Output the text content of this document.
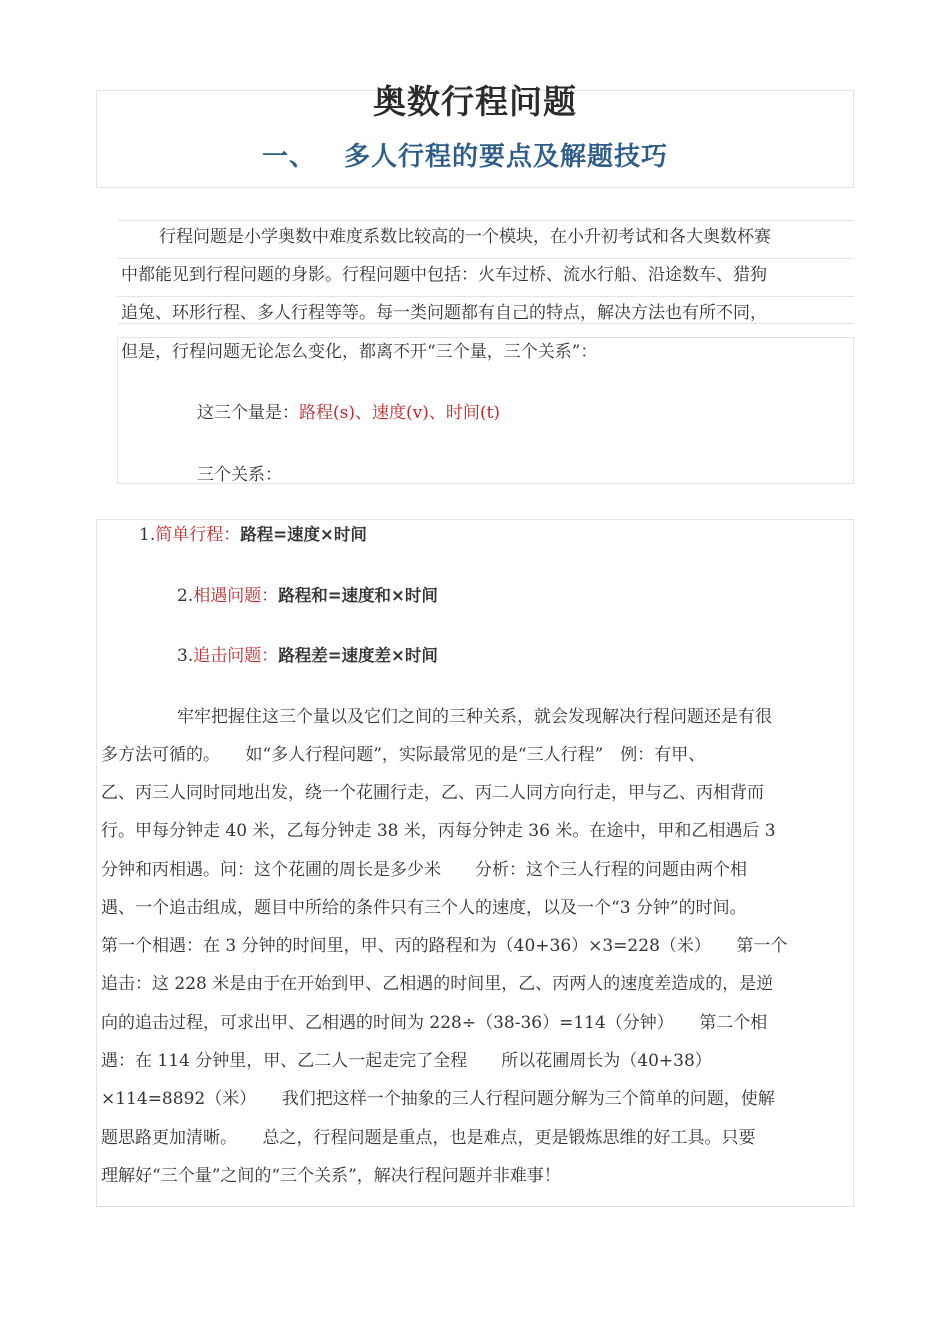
奥数行程问题
一、 多人行程的要点及解题技巧
行程问题是小学奥数中难度系数比较高的一个模块，在小升初考试和各大奥数杯赛
中都能见到行程问题的身影。行程问题中包括：火车过桥、流水行船、沿途数车、猎狗
追兔、环形行程、多人行程等等。每一类问题都有自己的特点，解决方法也有所不同，
但是，行程问题无论怎么变化，都离不开“三个量，三个关系”：
这三个量是：路程(s)、速度(v)、时间(t)
三个关系：
1.简单行程：路程=速度×时间
2.相遇问题：路程和=速度和×时间
3.追击问题：路程差=速度差×时间
牢牢把握住这三个量以及它们之间的三种关系，就会发现解决行程问题还是有很
多方法可循的。　　如“多人行程问题”，实际最常见的是“三人行程”　例：有甲、
乙、丙三人同时同地出发，绕一个花圃行走，乙、丙二人同方向行走，甲与乙、丙相背而
行。甲每分钟走 40 米，乙每分钟走 38 米，丙每分钟走 36 米。在途中，甲和乙相遇后 3
分钟和丙相遇。问：这个花圃的周长是多少米　　分析：这个三人行程的问题由两个相
遇、一个追击组成，题目中所给的条件只有三个人的速度，以及一个“3 分钟”的时间。
第一个相遇：在 3 分钟的时间里，甲、丙的路程和为（40+36）×3=228（米）　　第一个
追击：这 228 米是由于在开始到甲、乙相遇的时间里，乙、丙两人的速度差造成的，是逆
向的追击过程，可求出甲、乙相遇的时间为 228÷（38-36）=114（分钟）　　第二个相
遇：在 114 分钟里，甲、乙二人一起走完了全程　　所以花圃周长为（40+38）
×114=8892（米）　　我们把这样一个抽象的三人行程问题分解为三个简单的问题，使解
题思路更加清晰。　　总之，行程问题是重点，也是难点，更是锻炼思维的好工具。只要
理解好“三个量”之间的“三个关系”，解决行程问题并非难事！
